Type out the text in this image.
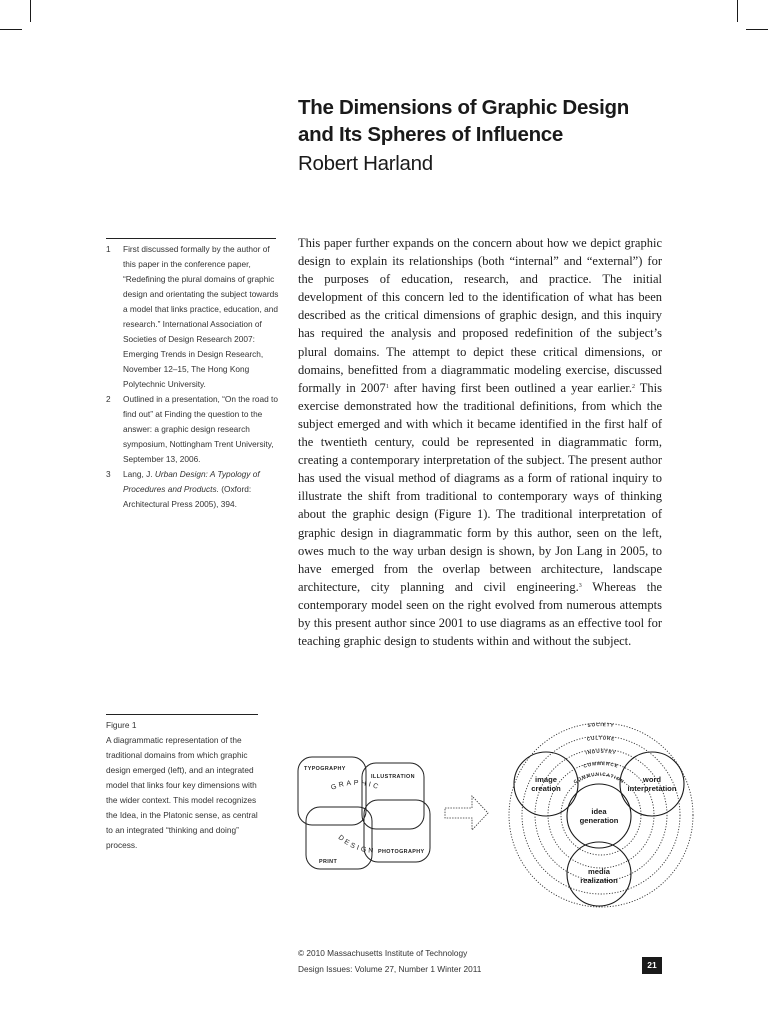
The Dimensions of Graphic Design
and Its Spheres of Influence
Robert Harland

1 First discussed formally by the author of this paper in the conference paper, “Redefining the plural domains of graphic design and orientating the subject towards a model that links practice, education, and research.” International Association of Societies of Design Research 2007: Emerging Trends in Design Research, November 12–15, The Hong Kong Polytechnic University.

2 Outlined in a presentation, “On the road to find out” at Finding the question to the answer: a graphic design research symposium, Nottingham Trent University, September 13, 2006.

3 Lang, J. Urban Design: A Typology of Procedures and Products. (Oxford: Architectural Press 2005), 394.

This paper further expands on the concern about how we depict graphic design to explain its relationships (both “internal” and “external”) for the purposes of education, research, and practice. The initial development of this concern led to the identification of what has been described as the critical dimensions of graphic design, and this inquiry has required the analysis and proposed redefinition of the subject’s plural domains. The attempt to depict these critical dimensions, or domains, benefitted from a diagrammatic modeling exercise, discussed formally in 2007$^1$ after having first been outlined a year earlier.$^2$ This exercise demonstrated how the traditional definitions, from which the subject emerged and with which it became identified in the first half of the twentieth century, could be represented in diagrammatic form, creating a contemporary interpretation of the subject. The present author has used the visual method of diagrams as a form of rational inquiry to illustrate the shift from traditional to contemporary ways of thinking about the graphic design (Figure 1). The traditional interpretation of graphic design in diagrammatic form by this author, seen on the left, owes much to the way urban design is shown, by Jon Lang in 2005, to have emerged from the overlap between architecture, landscape architecture, city planning and civil engineering.$^3$ Whereas the contemporary model seen on the right evolved from numerous attempts by this present author since 2001 to use diagrams as an effective tool for teaching graphic design to students within and without the subject.

Figure 1

A diagrammatic representation of the traditional domains from which graphic design emerged (left), and an integrated model that links four key dimensions with the wider context. This model recognizes the Idea, in the Platonic sense, as central to an integrated “thinking and doing” process.

TYPOGRAPHY
ILLUSTRATION
PRINT
PHOTOGRAPHY
GRAPHIC
DESIGN
SOCIETY
CULTURE
INDUSTRY
COMMERCE
COMMUNICATION
image
creation
word
interpretation
idea
generation
media
realization
© 2010 Massachusetts Institute of Technology
Design Issues: Volume 27, Number 1 Winter 2011	21
